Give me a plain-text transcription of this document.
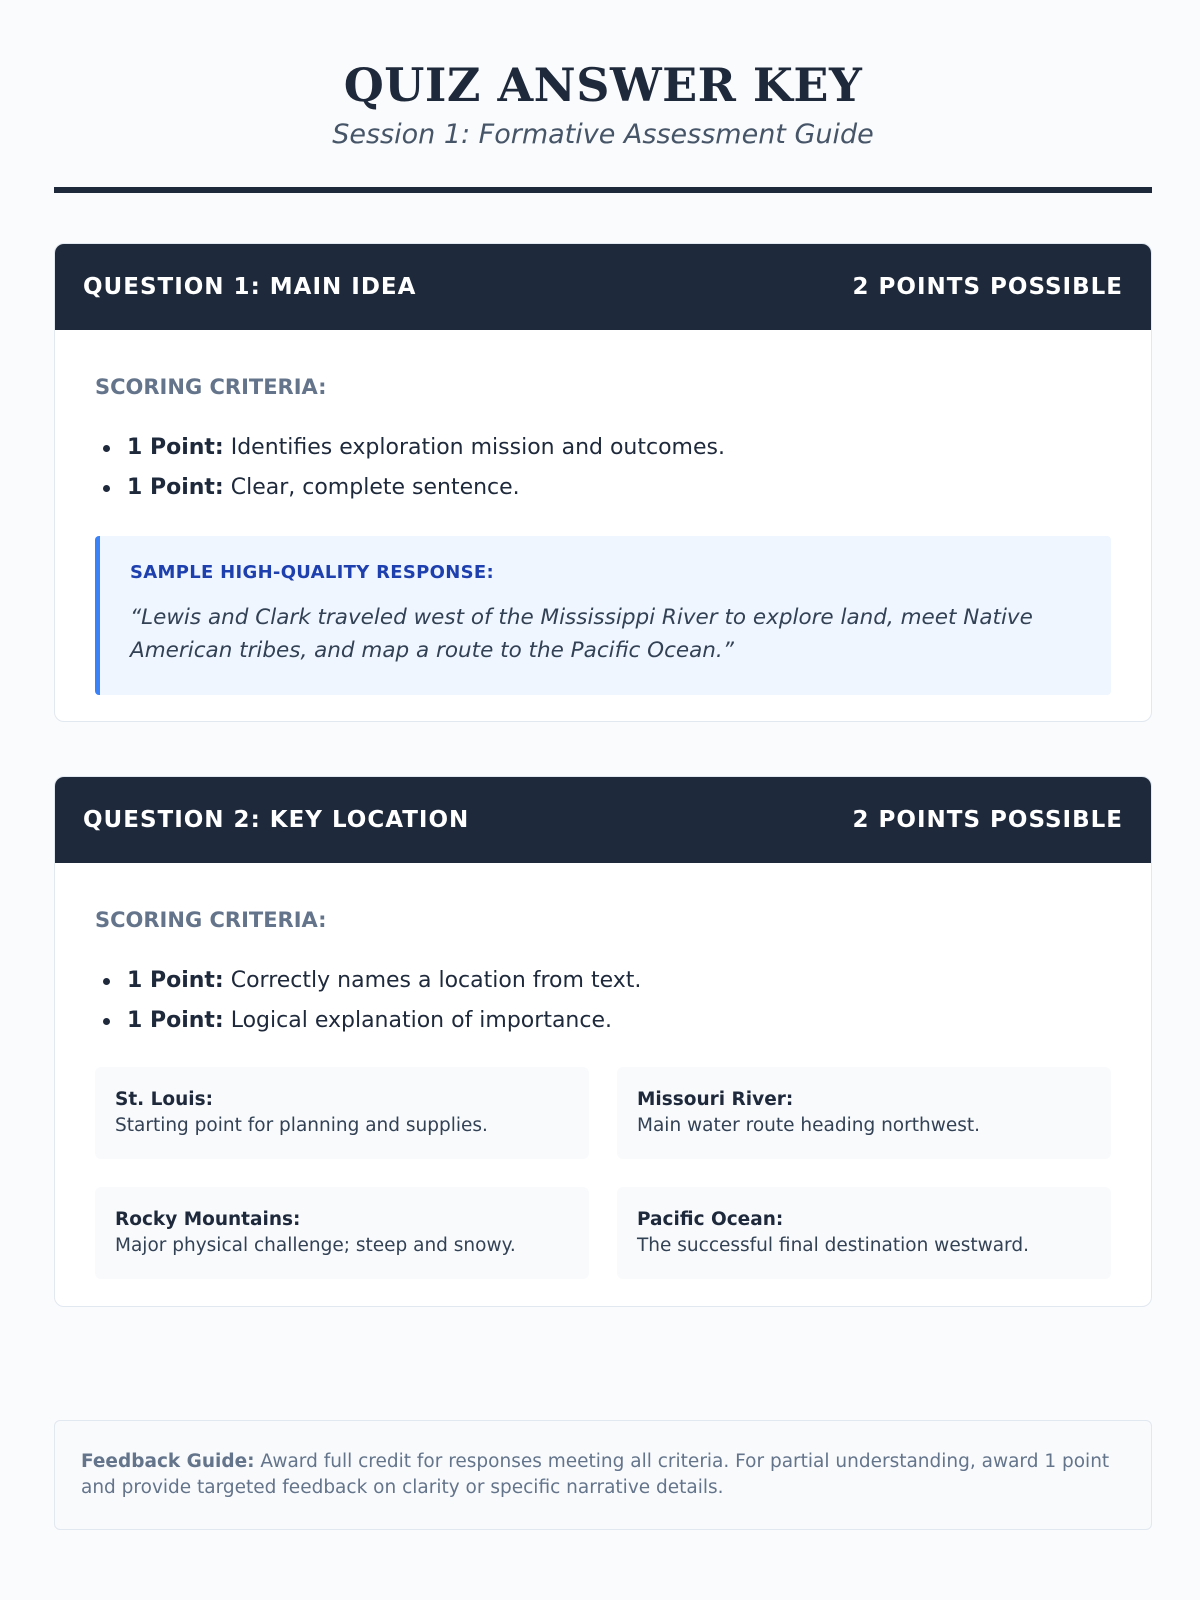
QUIZ ANSWER KEY
Session 1: Formative Assessment Guide
QUESTION 1: MAIN IDEA	2 POINTS POSSIBLE
SCORING CRITERIA:
1 Point: Identifies exploration mission and outcomes.
1 Point: Clear, complete sentence.
SAMPLE HIGH-QUALITY RESPONSE:
“Lewis and Clark traveled west of the Mississippi River to explore land, meet Native American tribes, and map a route to the Pacific Ocean.”
QUESTION 2: KEY LOCATION	2 POINTS POSSIBLE
SCORING CRITERIA:
1 Point: Correctly names a location from text.
1 Point: Logical explanation of importance.
St. Louis:
Starting point for planning and supplies.
Missouri River:
Main water route heading northwest.
Rocky Mountains:
Major physical challenge; steep and snowy.
Pacific Ocean:
The successful final destination westward.
Feedback Guide: Award full credit for responses meeting all criteria. For partial understanding, award 1 point and provide targeted feedback on clarity or specific narrative details.
